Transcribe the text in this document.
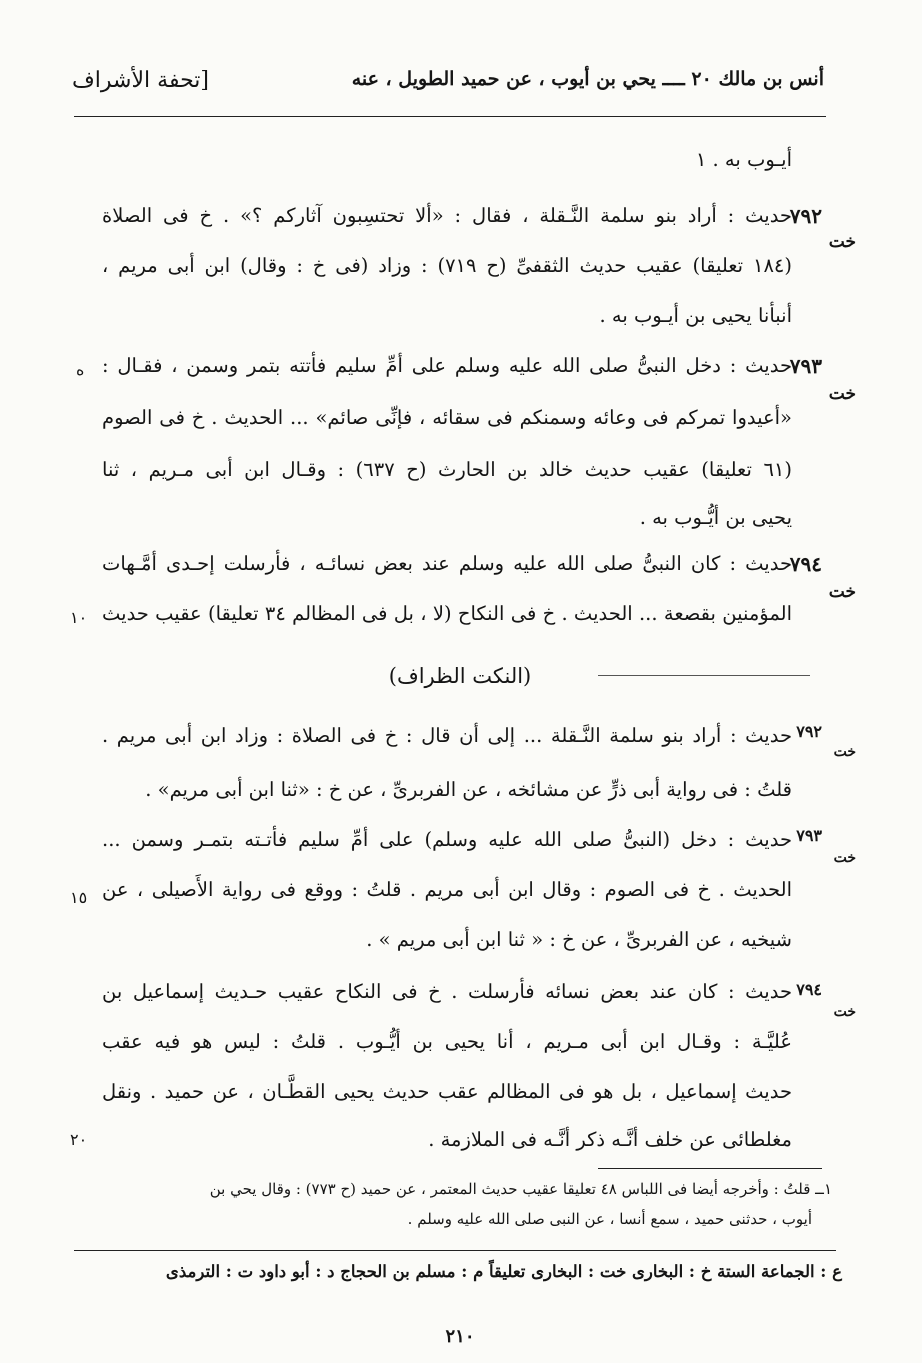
أنس بن مالك ٢٠ ــــ يحي بن أيوب ، عن حميد الطويل ، عنه
[تحفة الأشراف
أيـوب به . ١
٧٩٢
خت
حديث : أراد بنو سلمة النَّـقلة ، فقال : «ألا تحتسِبون آثاركم ؟» . خ فى الصلاة
(١٨٤ تعليقا) عقيب حديث الثقفىِّ (ح ٧١٩) : وزاد (فى خ : وقال) ابن أبى مريم ،
أنبأنا يحيى بن أيـوب به .
٧٩٣
خت
ه حديث : دخل النبىُّ صلى الله عليه وسلم على أمِّ سليم فأتته بتمر وسمن ، فقـال :
«أعيدوا تمركم فى وعائه وسمنكم فى سقائه ، فإنِّى صائم» ... الحديث . خ فى الصوم
(٦١ تعليقا) عقيب حديث خالد بن الحارث (ح ٦٣٧) : وقـال ابن أبى مـريم ، ثنا
يحيى بن أيُّـوب به .
٧٩٤
خت
حديث : كان النبىُّ صلى الله عليه وسلم عند بعض نسائـه ، فأرسلت إحـدى أمَّـهات
المؤمنين بقصعة ... الحديث . خ فى النكاح (لا ، بل فى المظالم ٣٤ تعليقا) عقيب حديث
١٠
(النكت الظراف)
٧٩٢
خت
حديث : أراد بنو سلمة النَّـقلة ... إلى أن قال : خ فى الصلاة : وزاد ابن أبى مريم .
قلتُ : فى رواية أبى ذرٍّ عن مشائخه ، عن الفربرىِّ ، عن خ : «ثنا ابن أبى مريم» .
٧٩٣
خت
حديث : دخل (النبىُّ صلى الله عليه وسلم) على أمِّ سليم فأتـته بتمـر وسمن ...
الحديث . خ فى الصوم : وقال ابن أبى مريم . قلتُ : ووقع فى رواية الأَصيلى ، عن
شيخيه ، عن الفربرىِّ ، عن خ : « ثنا ابن أبى مريم » .
١٥
٧٩٤
خت
حديث : كان عند بعض نسائه فأرسلت . خ فى النكاح عقيب حـديث إسماعيل بن
عُليَّـة : وقـال ابن أبى مـريم ، أنا يحيى بن أيُّـوب . قلتُ : ليس هو فيه عقب
حديث إسماعيل ، بل هو فى المظالم عقب حديث يحيى القطَّـان ، عن حميد . ونقل
مغلطائى عن خلف أنَّـه ذكر أنَّـه فى الملازمة .
٢٠
١ــ قلتُ : وأخرجه أيضا فى اللباس ٤٨ تعليقا عقيب حديث المعتمر ، عن حميد (ح ٧٧٣) : وقال يحي بن
أيوب ، حدثنى حميد ، سمع أنسا ، عن النبى صلى الله عليه وسلم .
ع : الجماعة الستة خ : البخارى خت : البخارى تعليقاً م : مسلم بن الحجاج د : أبو داود ت : الترمذى
٢١٠
